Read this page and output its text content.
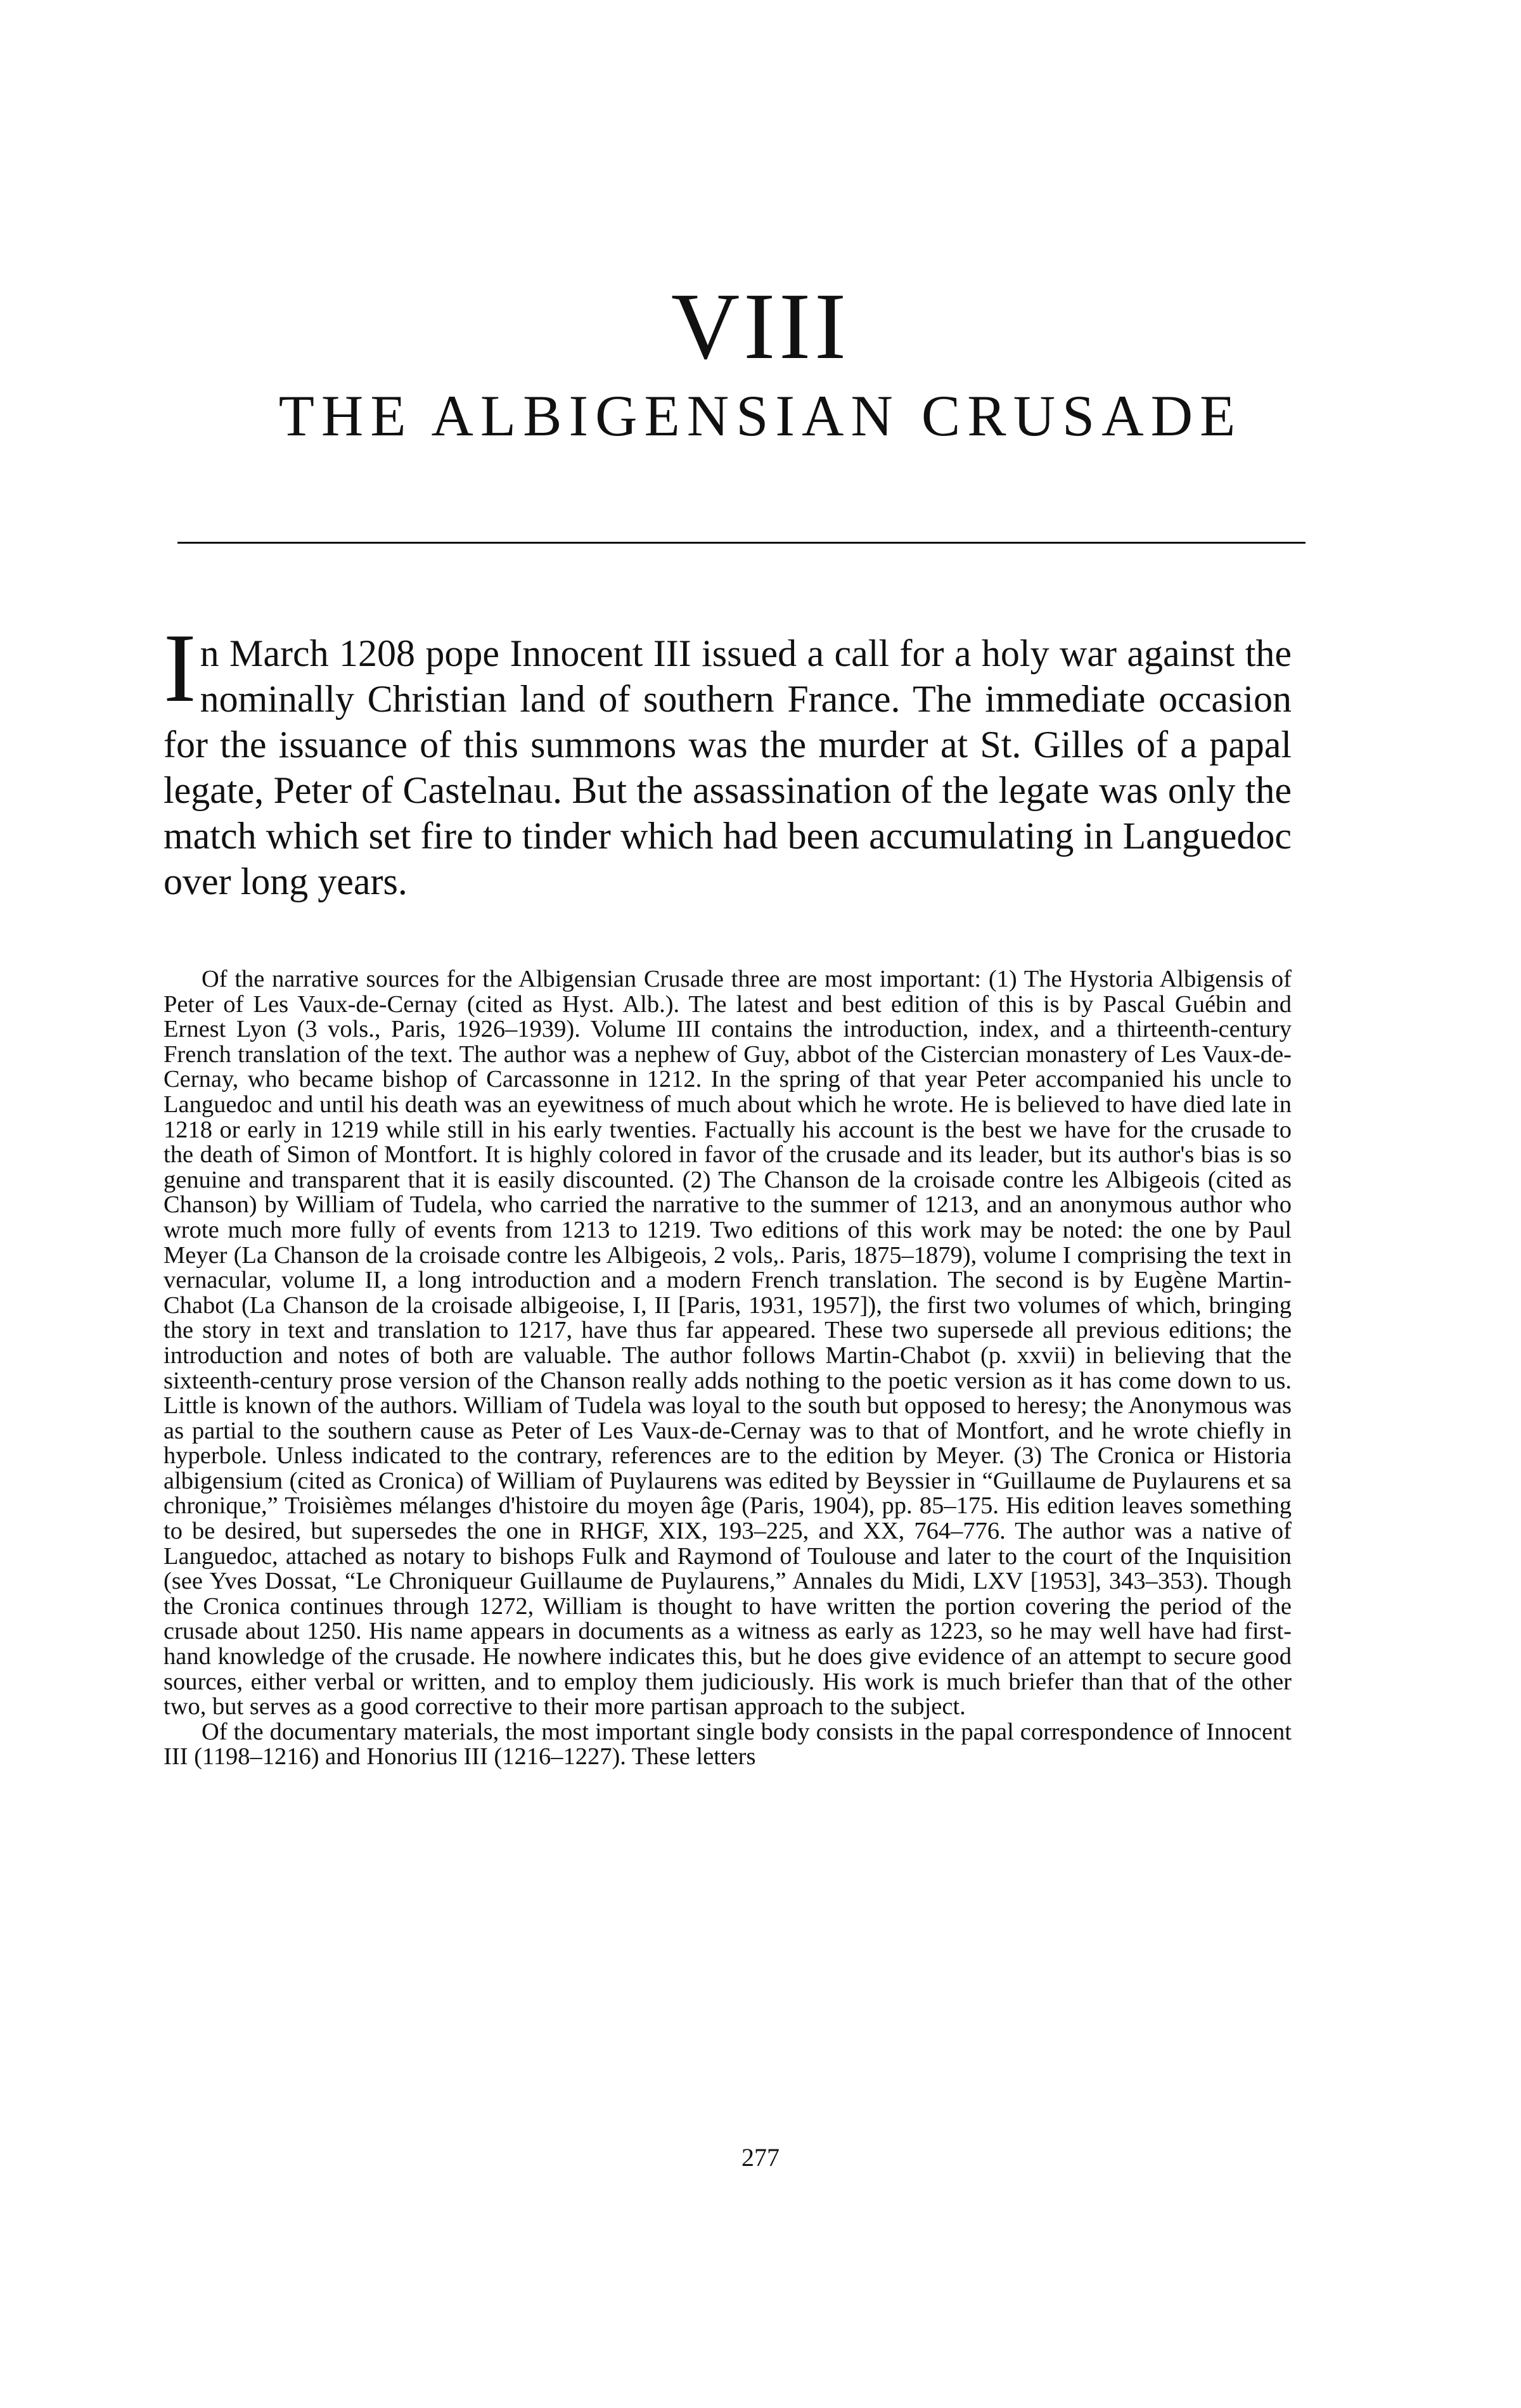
VIII
THE ALBIGENSIAN CRUSADE
In March 1208 pope Innocent III issued a call for a holy war against the nominally Christian land of southern France. The immediate occasion for the issuance of this summons was the murder at St. Gilles of a papal legate, Peter of Castelnau. But the assassination of the legate was only the match which set fire to tinder which had been accumulating in Languedoc over long years.

Of the narrative sources for the Albigensian Crusade three are most important: (1) The Hystoria Albigensis of Peter of Les Vaux-de-Cernay (cited as Hyst. Alb.). The latest and best edition of this is by Pascal Guébin and Ernest Lyon (3 vols., Paris, 1926–1939). Volume III contains the introduction, index, and a thirteenth-century French translation of the text. The author was a nephew of Guy, abbot of the Cistercian monastery of Les Vaux-de-Cernay, who became bishop of Carcassonne in 1212. In the spring of that year Peter accompanied his uncle to Languedoc and until his death was an eyewitness of much about which he wrote. He is believed to have died late in 1218 or early in 1219 while still in his early twenties. Factually his account is the best we have for the crusade to the death of Simon of Montfort. It is highly colored in favor of the crusade and its leader, but its author's bias is so genuine and transparent that it is easily discounted. (2) The Chanson de la croisade contre les Albigeois (cited as Chanson) by William of Tudela, who carried the narrative to the summer of 1213, and an anonymous author who wrote much more fully of events from 1213 to 1219. Two editions of this work may be noted: the one by Paul Meyer (La Chanson de la croisade contre les Albigeois, 2 vols,. Paris, 1875–1879), volume I comprising the text in vernacular, volume II, a long introduction and a modern French translation. The second is by Eugène Martin-Chabot (La Chanson de la croisade albigeoise, I, II [Paris, 1931, 1957]), the first two volumes of which, bringing the story in text and translation to 1217, have thus far appeared. These two supersede all previous editions; the introduction and notes of both are valuable. The author follows Martin-Chabot (p. xxvii) in believing that the sixteenth-century prose version of the Chanson really adds nothing to the poetic version as it has come down to us. Little is known of the authors. William of Tudela was loyal to the south but opposed to heresy; the Anonymous was as partial to the southern cause as Peter of Les Vaux-de-Cernay was to that of Montfort, and he wrote chiefly in hyperbole. Unless indicated to the contrary, references are to the edition by Meyer. (3) The Cronica or Historia albigensium (cited as Cronica) of William of Puylaurens was edited by Beyssier in “Guillaume de Puylaurens et sa chronique,” Troisièmes mélanges d'histoire du moyen âge (Paris, 1904), pp. 85–175. His edition leaves something to be desired, but supersedes the one in RHGF, XIX, 193–225, and XX, 764–776. The author was a native of Languedoc, attached as notary to bishops Fulk and Raymond of Toulouse and later to the court of the Inquisition (see Yves Dossat, “Le Chroniqueur Guillaume de Puylaurens,” Annales du Midi, LXV [1953], 343–353). Though the Cronica continues through 1272, William is thought to have written the portion covering the period of the crusade about 1250. His name appears in documents as a witness as early as 1223, so he may well have had first-hand knowledge of the crusade. He nowhere indicates this, but he does give evidence of an attempt to secure good sources, either verbal or written, and to employ them judiciously. His work is much briefer than that of the other two, but serves as a good corrective to their more partisan approach to the subject.

Of the documentary materials, the most important single body consists in the papal correspondence of Innocent III (1198–1216) and Honorius III (1216–1227). These letters

277
